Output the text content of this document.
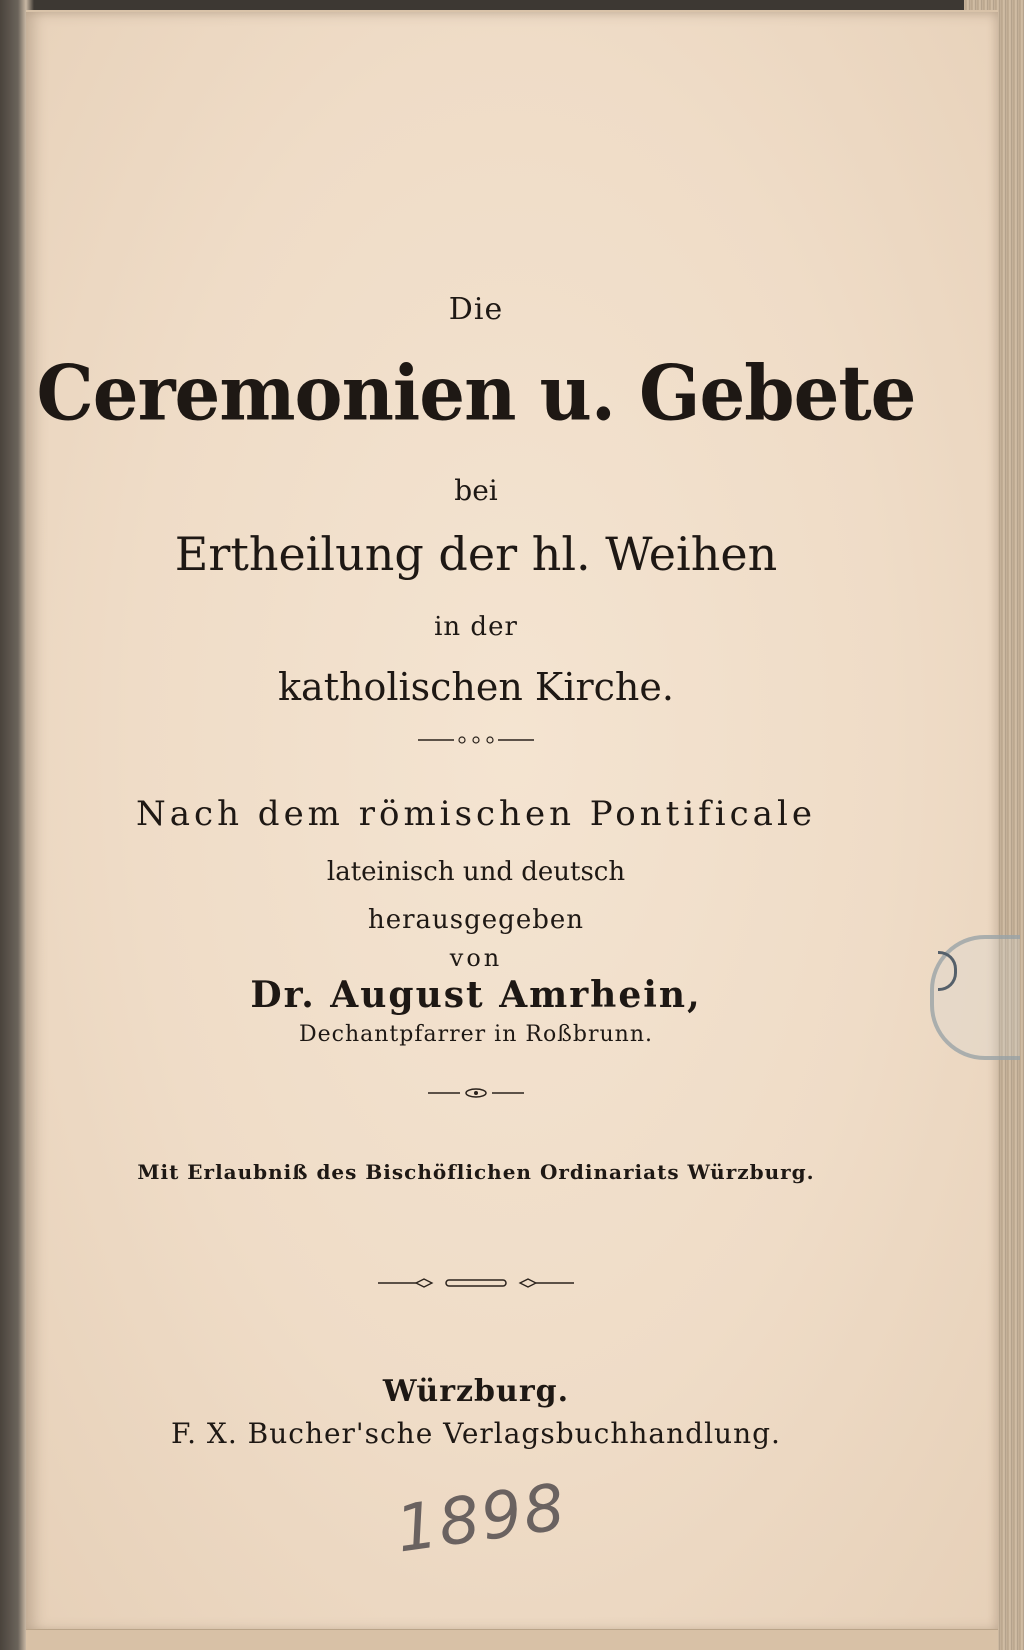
Die
Ceremonien u. Gebete
bei
Ertheilung der hl. Weihen
in der
katholischen Kirche.
Nach dem römischen Pontificale
lateinisch und deutsch
herausgegeben
von
Dr. August Amrhein,
Dechantpfarrer in Roßbrunn.
Mit Erlaubniß des Bischöflichen Ordinariats Würzburg.
Würzburg.
F. X. Bucher'sche Verlagsbuchhandlung.
1898
